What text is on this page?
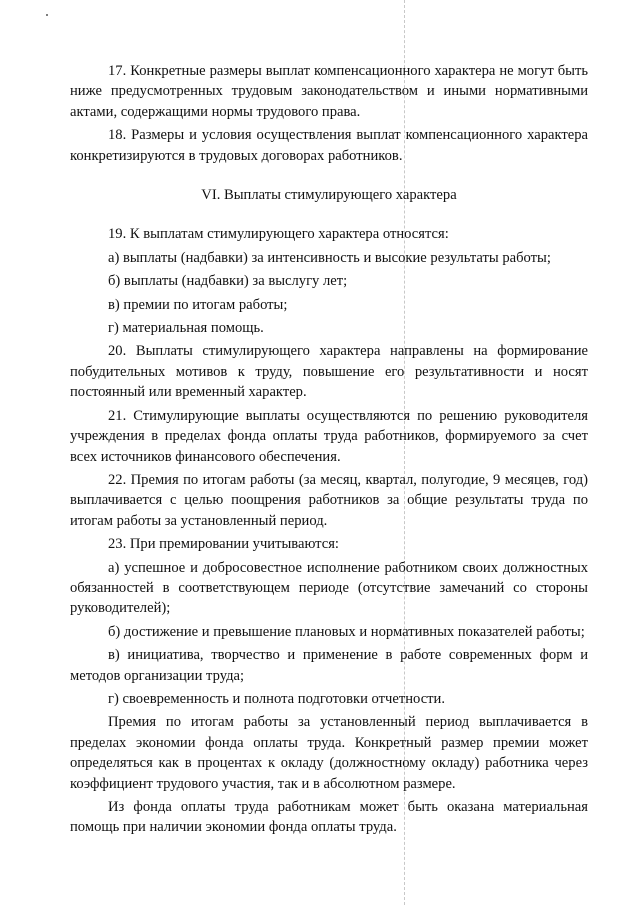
17. Конкретные размеры выплат компенсационного характера не могут быть ниже предусмотренных трудовым законодательством и иными нормативными актами, содержащими нормы трудового права.

18. Размеры и условия осуществления выплат компенсационного характера конкретизируются в трудовых договорах работников.

VI. Выплаты стимулирующего характера

19. К выплатам стимулирующего характера относятся:

а) выплаты (надбавки) за интенсивность и высокие результаты работы;

б) выплаты (надбавки) за выслугу лет;

в) премии по итогам работы;

г) материальная помощь.

20. Выплаты стимулирующего характера направлены на формирование побудительных мотивов к труду, повышение его результативности и носят постоянный или временный характер.

21. Стимулирующие выплаты осуществляются по решению руководителя учреждения в пределах фонда оплаты труда работников, формируемого за счет всех источников финансового обеспечения.

22. Премия по итогам работы (за месяц, квартал, полугодие, 9 месяцев, год) выплачивается с целью поощрения работников за общие результаты труда по итогам работы за установленный период.

23. При премировании учитываются:

а) успешное и добросовестное исполнение работником своих должностных обязанностей в соответствующем периоде (отсутствие замечаний со стороны руководителей);

б) достижение и превышение плановых и нормативных показателей работы;

в) инициатива, творчество и применение в работе современных форм и методов организации труда;

г) своевременность и полнота подготовки отчетности.

Премия по итогам работы за установленный период выплачивается в пределах экономии фонда оплаты труда. Конкретный размер премии может определяться как в процентах к окладу (должностному окладу) работника через коэффициент трудового участия, так и в абсолютном размере.

Из фонда оплаты труда работникам может быть оказана материальная помощь при наличии экономии фонда оплаты труда.
